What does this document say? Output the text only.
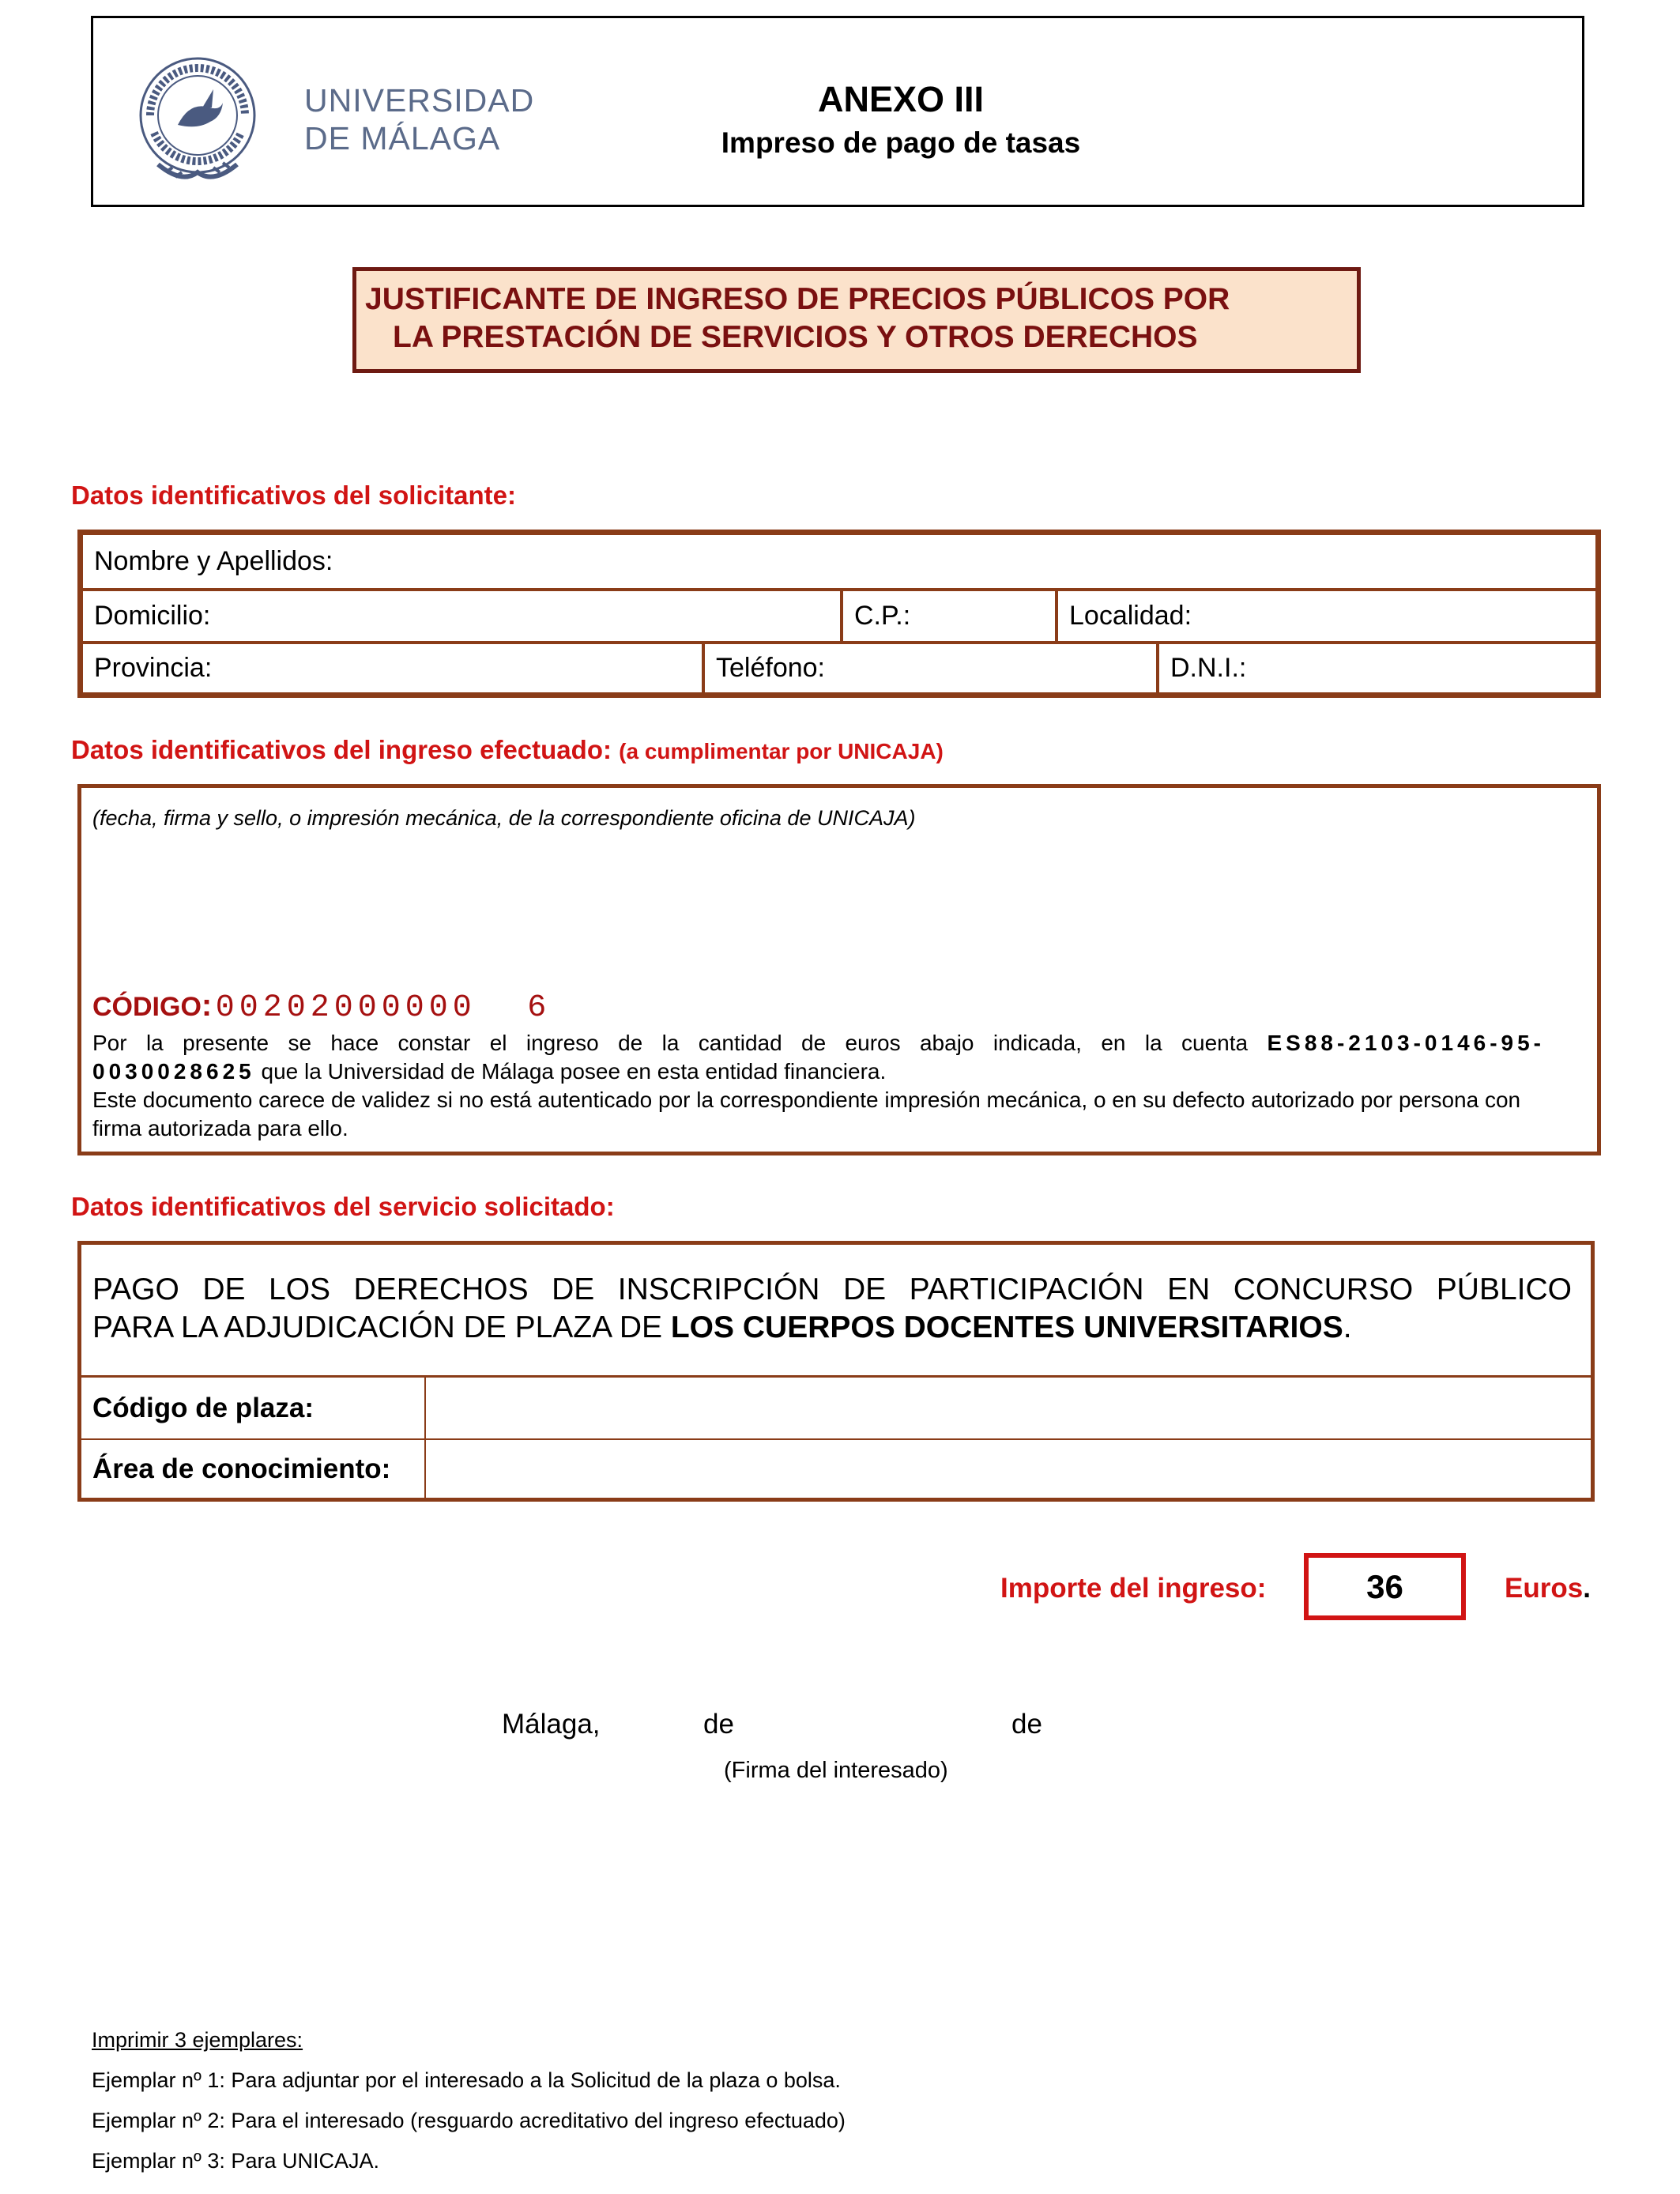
UNIVERSIDAD
DE MÁLAGA
ANEXO III
Impreso de pago de tasas
JUSTIFICANTE DE INGRESO DE PRECIOS PÚBLICOS POR
LA PRESTACIÓN DE SERVICIOS Y OTROS DERECHOS
Datos identificativos del solicitante:
Nombre y Apellidos:
Domicilio:	C.P.:	Localidad:
Provincia:	Teléfono:	D.N.I.:
Datos identificativos del ingreso efectuado: (a cumplimentar por UNICAJA)
(fecha, firma y sello, o impresión mecánica, de la correspondiente oficina de UNICAJA)
CÓDIGO: 00202000000 6
Por la presente se hace constar el ingreso de la cantidad de euros abajo indicada, en la cuenta ES88-2103-0146-95-
0030028625 que la Universidad de Málaga posee en esta entidad financiera.
Este documento carece de validez si no está autenticado por la correspondiente impresión mecánica, o en su defecto autorizado por persona con firma autorizada para ello.
Datos identificativos del servicio solicitado:
Código de plaza:
Área de conocimiento:
PAGO DE LOS DERECHOS DE INSCRIPCIÓN DE PARTICIPACIÓN EN CONCURSO PÚBLICO
PARA LA ADJUDICACIÓN DE PLAZA DE LOS CUERPOS DOCENTES UNIVERSITARIOS.
Importe del ingreso:	36	Euros.
Málaga,	de	de
(Firma del interesado)
Imprimir 3 ejemplares:
Ejemplar nº 1: Para adjuntar por el interesado a la Solicitud de la plaza o bolsa.
Ejemplar nº 2: Para el interesado (resguardo acreditativo del ingreso efectuado)
Ejemplar nº 3: Para UNICAJA.
